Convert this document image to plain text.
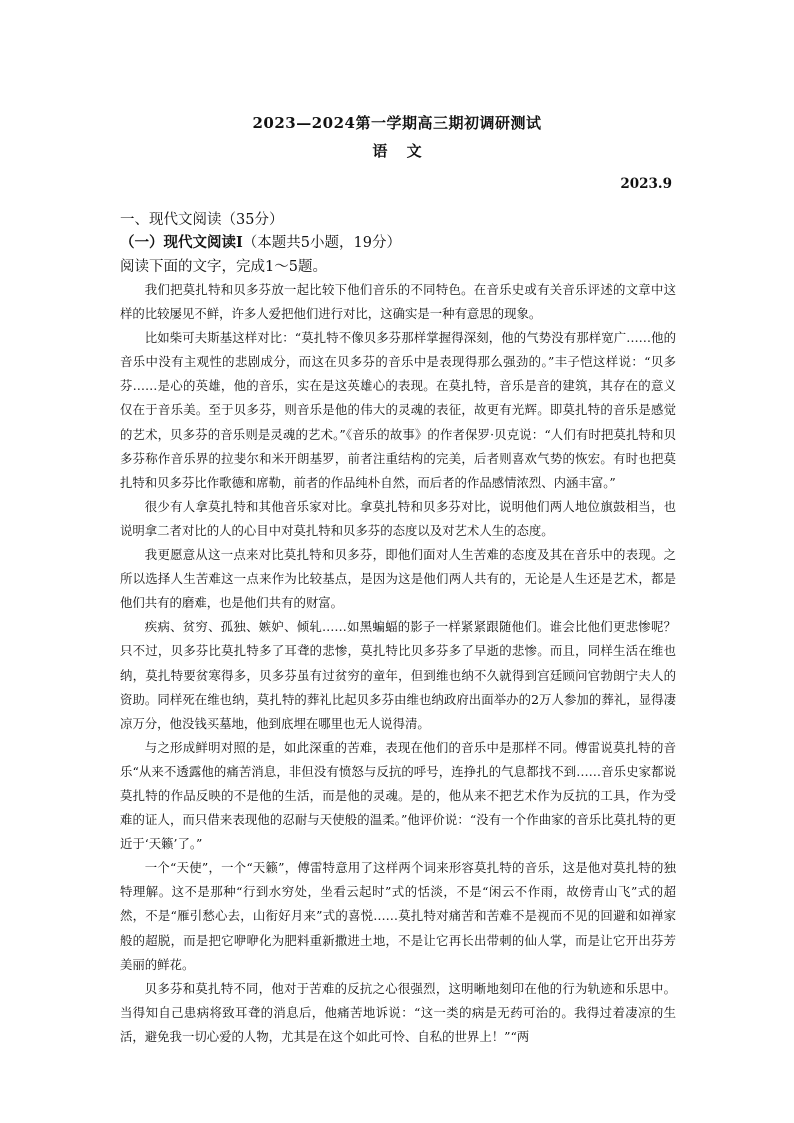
2023—2024第一学期高三期初调研测试
语 文
2023.9
一、现代文阅读（35分）
（一）现代文阅读Ⅰ（本题共5小题，19分）
阅读下面的文字，完成1～5题。

我们把莫扎特和贝多芬放一起比较下他们音乐的不同特色。在音乐史或有关音乐评述的文章中这样的比较屡见不鲜，许多人爱把他们进行对比，这确实是一种有意思的现象。

比如柴可夫斯基这样对比：“莫扎特不像贝多芬那样掌握得深刻，他的气势没有那样宽广……他的音乐中没有主观性的悲剧成分，而这在贝多芬的音乐中是表现得那么强劲的。”丰子恺这样说：“贝多芬……是心的英雄，他的音乐，实在是这英雄心的表现。在莫扎特，音乐是音的建筑，其存在的意义仅在于音乐美。至于贝多芬，则音乐是他的伟大的灵魂的表征，故更有光辉。即莫扎特的音乐是感觉的艺术，贝多芬的音乐则是灵魂的艺术。”《音乐的故事》的作者保罗·贝克说：“人们有时把莫扎特和贝多芬称作音乐界的拉斐尔和米开朗基罗，前者注重结构的完美，后者则喜欢气势的恢宏。有时也把莫扎特和贝多芬比作歌德和席勒，前者的作品纯朴自然，而后者的作品感情浓烈、内涵丰富。”

很少有人拿莫扎特和其他音乐家对比。拿莫扎特和贝多芬对比，说明他们两人地位旗鼓相当，也说明拿二者对比的人的心目中对莫扎特和贝多芬的态度以及对艺术人生的态度。

我更愿意从这一点来对比莫扎特和贝多芬，即他们面对人生苦难的态度及其在音乐中的表现。之所以选择人生苦难这一点来作为比较基点，是因为这是他们两人共有的，无论是人生还是艺术，都是他们共有的磨难，也是他们共有的财富。

疾病、贫穷、孤独、嫉妒、倾轧……如黑蝙蝠的影子一样紧紧跟随他们。谁会比他们更悲惨呢？只不过，贝多芬比莫扎特多了耳聋的悲惨，莫扎特比贝多芬多了早逝的悲惨。而且，同样生活在维也纳，莫扎特要贫寒得多，贝多芬虽有过贫穷的童年，但到维也纳不久就得到宫廷顾问官勃朗宁夫人的资助。同样死在维也纳，莫扎特的葬礼比起贝多芬由维也纳政府出面举办的2万人参加的葬礼，显得凄凉万分，他没钱买墓地，他到底埋在哪里也无人说得清。

与之形成鲜明对照的是，如此深重的苦难，表现在他们的音乐中是那样不同。傅雷说莫扎特的音乐“从来不透露他的痛苦消息，非但没有愤怒与反抗的呼号，连挣扎的气息都找不到……音乐史家都说莫扎特的作品反映的不是他的生活，而是他的灵魂。是的，他从来不把艺术作为反抗的工具，作为受难的证人，而只借来表现他的忍耐与天使般的温柔。”他评价说：“没有一个作曲家的音乐比莫扎特的更近于‘天籁’了。”

一个“天使”，一个“天籁”，傅雷特意用了这样两个词来形容莫扎特的音乐，这是他对莫扎特的独特理解。这不是那种“行到水穷处，坐看云起时”式的恬淡，不是“闲云不作雨，故傍青山飞”式的超然，不是“雁引愁心去，山衔好月来”式的喜悦……莫扎特对痛苦和苦难不是视而不见的回避和如禅家般的超脱，而是把它咿咿化为肥料重新撒进土地，不是让它再长出带刺的仙人掌，而是让它开出芬芳美丽的鲜花。

贝多芬和莫扎特不同，他对于苦难的反抗之心很强烈，这明晰地刻印在他的行为轨迹和乐思中。当得知自己患病将致耳聋的消息后，他痛苦地诉说：“这一类的病是无药可治的。我得过着凄凉的生活，避免我一切心爱的人物，尤其是在这个如此可怜、自私的世界上！”“两
